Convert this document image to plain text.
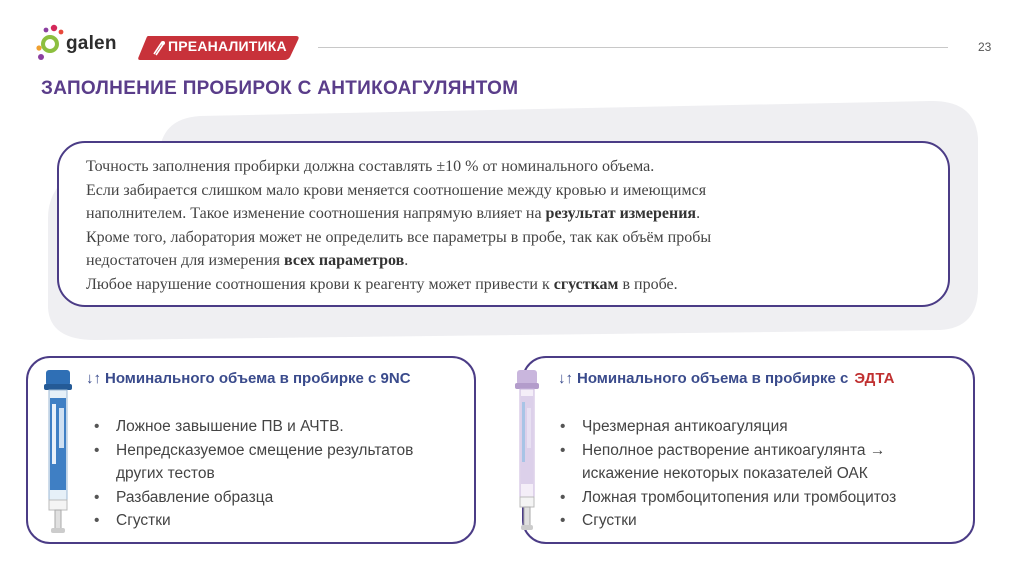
galen	ПРЕАНАЛИТИКА	23
ЗАПОЛНЕНИЕ ПРОБИРОК С АНТИКОАГУЛЯНТОМ
Точность заполнения пробирки должна составлять ±10 % от номинального объема.
Если забирается слишком мало крови меняется соотношение между кровью и имеющимся
наполнителем. Такое изменение соотношения напрямую влияет на результат измерения.
Кроме того, лаборатория может не определить все параметры в пробе, так как объём пробы
недостаточен для измерения всех параметров.
Любое нарушение соотношения крови к реагенту может привести к сгусткам в пробе.
↓↑ Номинального объема в пробирке с 9NC
• Ложное завышение ПВ и АЧТВ.
• Непредсказуемое смещение результатов
других тестов
• Разбавление образца
• Сгустки
↓↑ Номинального объема в пробирке с ЭДТА
• Чрезмерная антикоагуляция
• Неполное растворение антикоагулянта →
искажение некоторых показателей ОАК
• Ложная тромбоцитопения или тромбоцитоз
• Сгустки
